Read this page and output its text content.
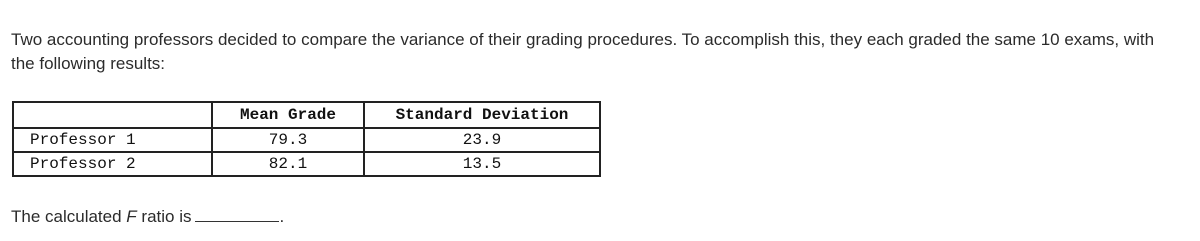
Two accounting professors decided to compare the variance of their grading procedures. To accomplish this, they each graded the same 10 exams, with the following results:

	Mean Grade	Standard Deviation
Professor 1	79.3	23.9
Professor 2	82.1	13.5

The calculated F ratio is	.
